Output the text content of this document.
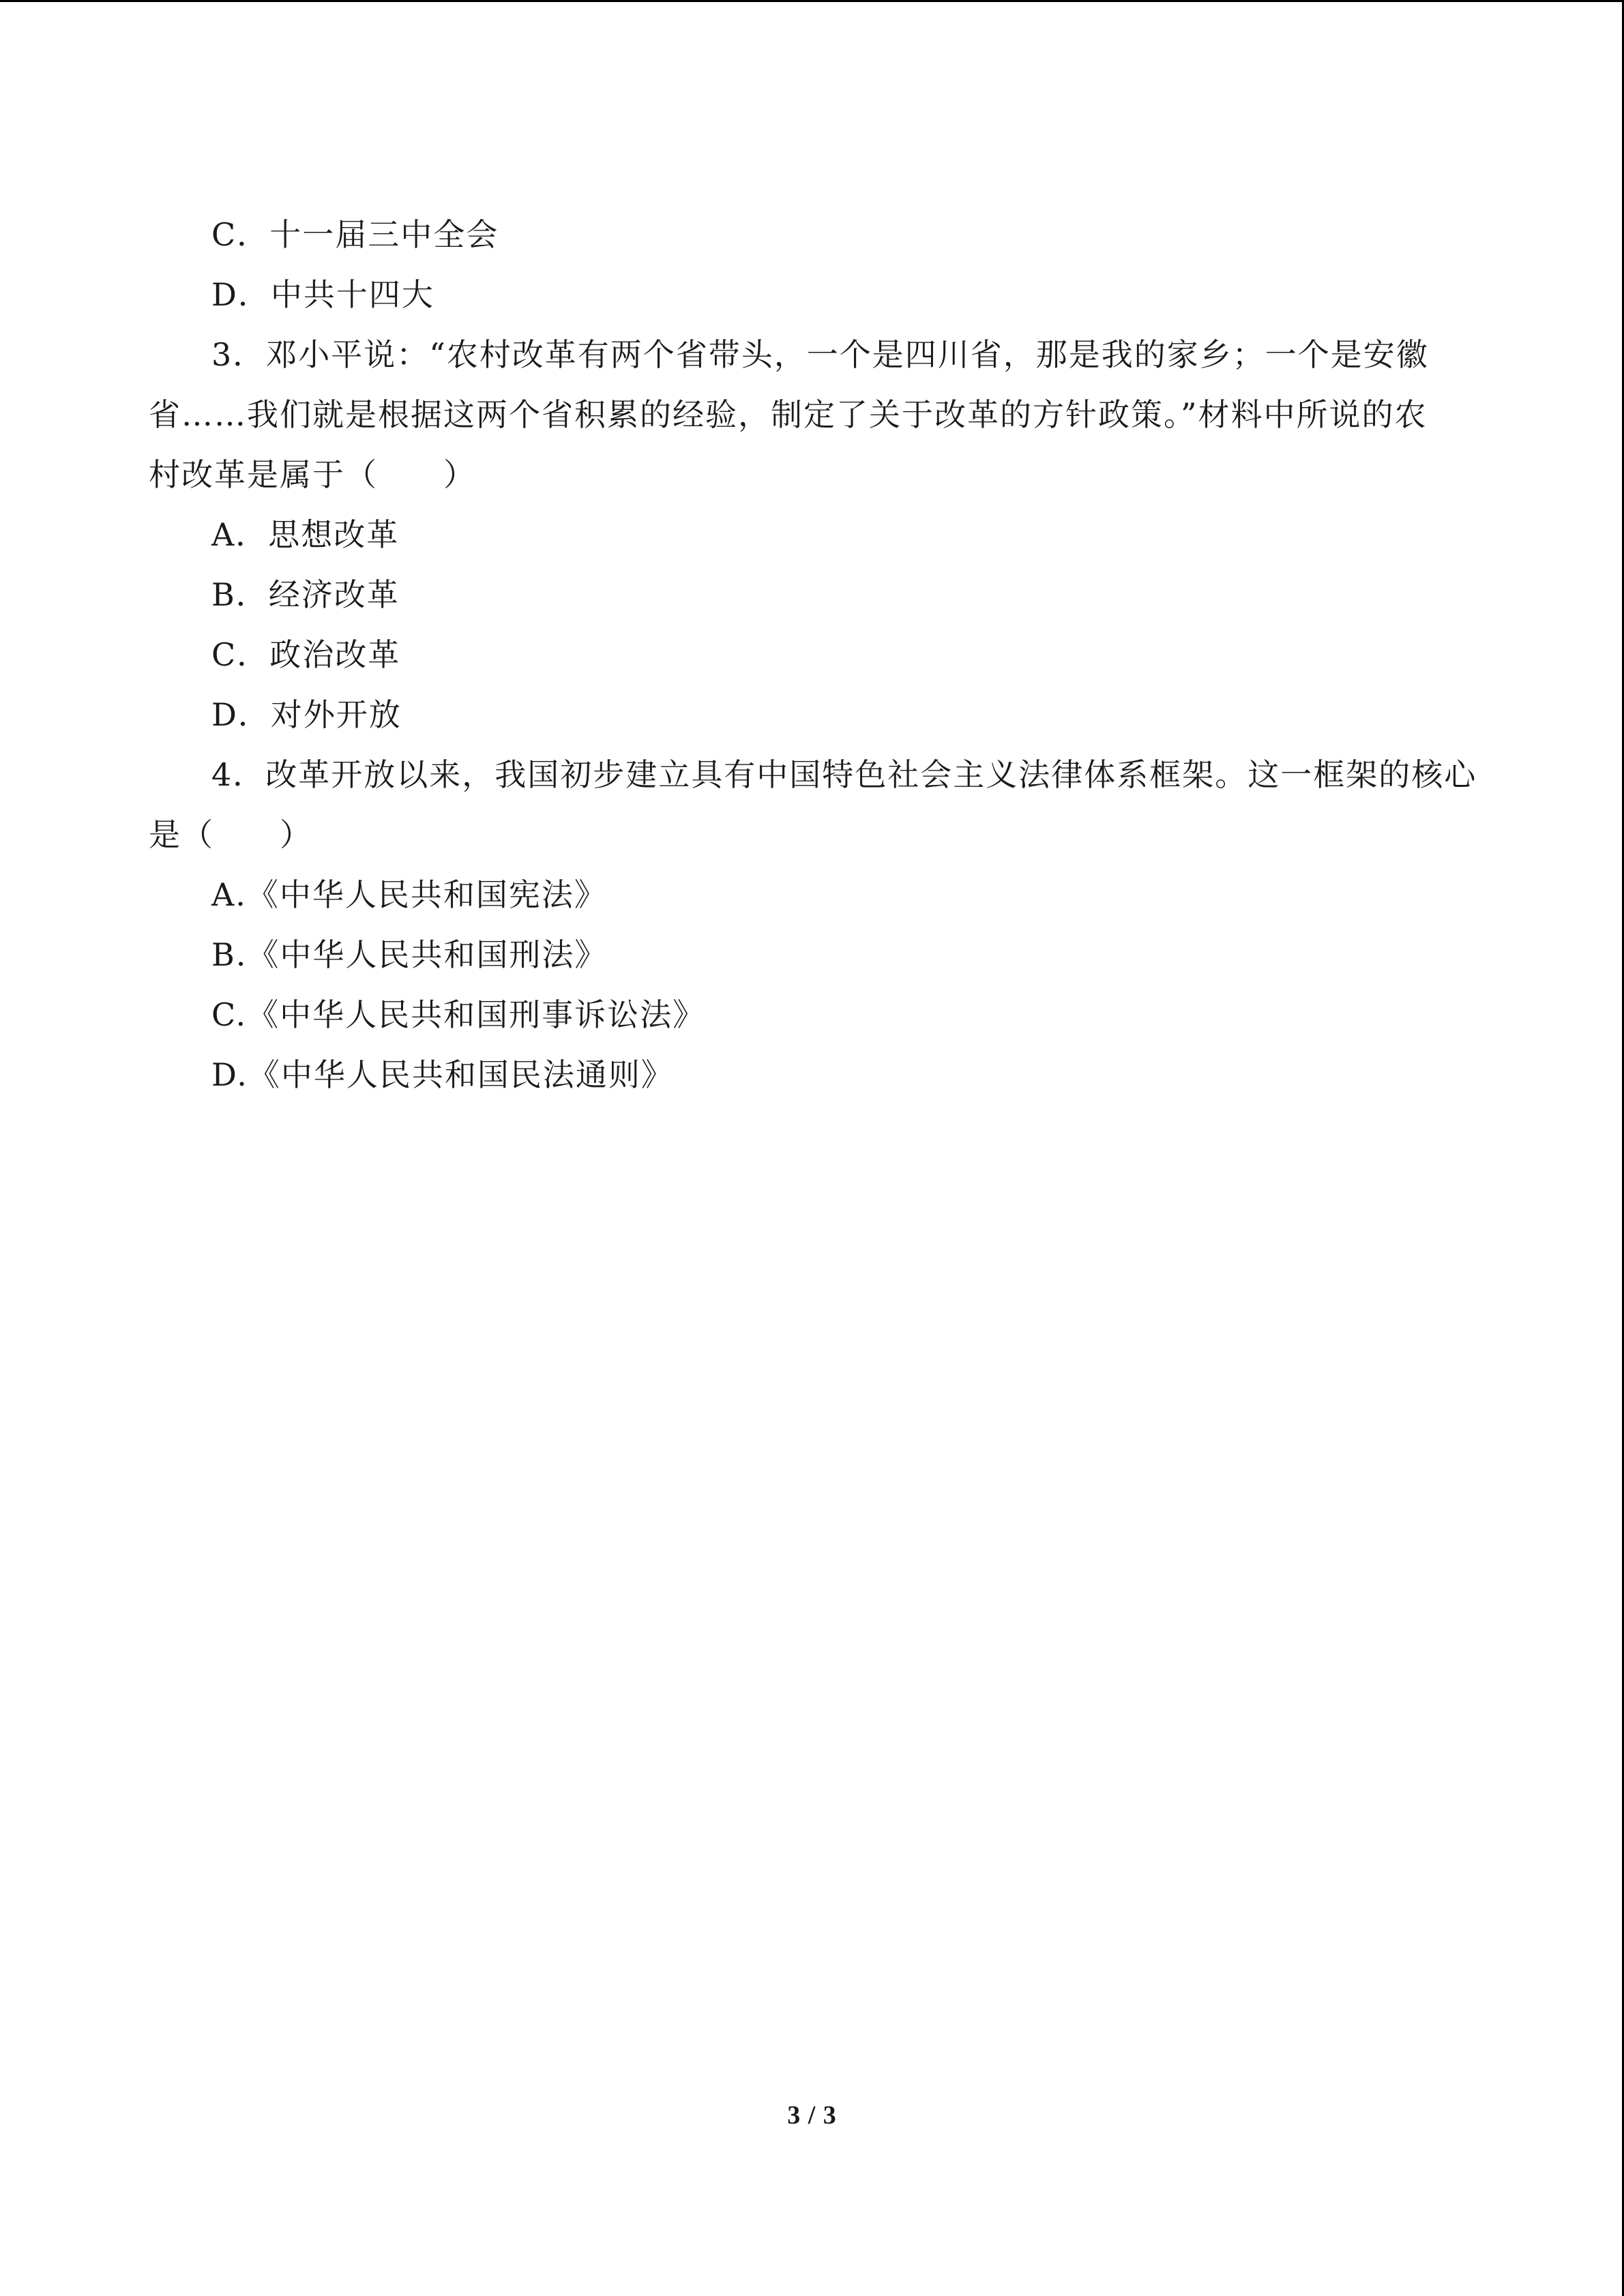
C．十一届三中全会
D．中共十四大
3．邓小平说：“农村改革有两个省带头，一个是四川省，那是我的家乡；一个是安徽
省……我们就是根据这两个省积累的经验，制定了关于改革的方针政策。”材料中所说的农
村改革是属于（　　）
A．思想改革
B．经济改革
C．政治改革
D．对外开放
4．改革开放以来，我国初步建立具有中国特色社会主义法律体系框架。这一框架的核心
是（　　）
A.《中华人民共和国宪法》
B.《中华人民共和国刑法》
C.《中华人民共和国刑事诉讼法》
D.《中华人民共和国民法通则》
3 / 3
